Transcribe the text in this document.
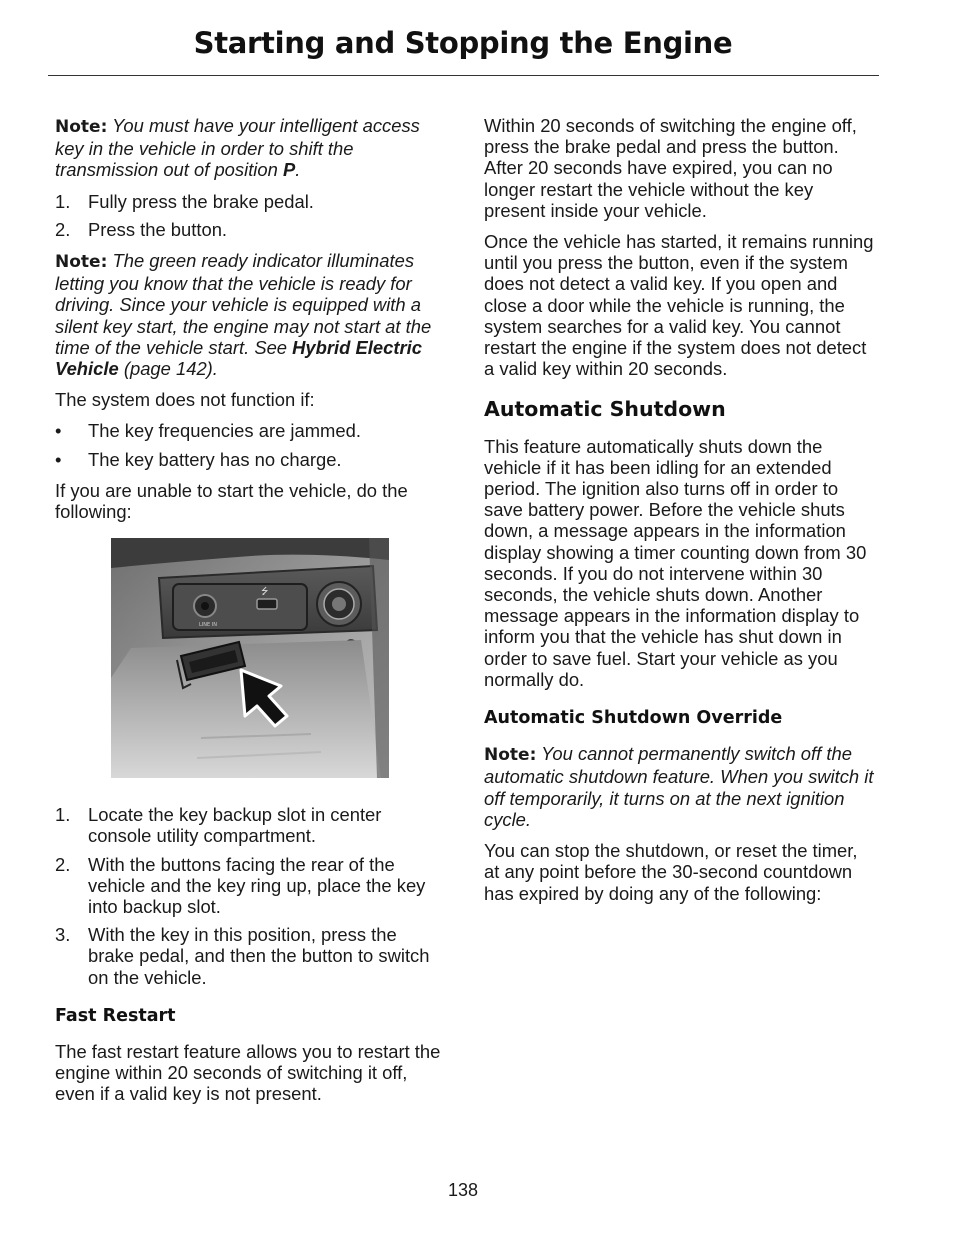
Starting and Stopping the Engine

Note: You must have your intelligent access key in the vehicle in order to shift the transmission out of position P.

1. Fully press the brake pedal.
2. Press the button.

Note: The green ready indicator illuminates letting you know that the vehicle is ready for driving. Since your vehicle is equipped with a silent key start, the engine may not start at the time of the vehicle start. See Hybrid Electric Vehicle (page 142).

The system does not function if:

• The key frequencies are jammed.
• The key battery has no charge.

If you are unable to start the vehicle, do the following:

LINE IN
⭍
1. Locate the key backup slot in center console utility compartment.
2. With the buttons facing the rear of the vehicle and the key ring up, place the key into backup slot.
3. With the key in this position, press the brake pedal, and then the button to switch on the vehicle.
Fast Restart

The fast restart feature allows you to restart the engine within 20 seconds of switching it off, even if a valid key is not present.

Within 20 seconds of switching the engine off, press the brake pedal and press the button. After 20 seconds have expired, you can no longer restart the vehicle without the key present inside your vehicle.

Once the vehicle has started, it remains running until you press the button, even if the system does not detect a valid key. If you open and close a door while the vehicle is running, the system searches for a valid key. You cannot restart the engine if the system does not detect a valid key within 20 seconds.

Automatic Shutdown

This feature automatically shuts down the vehicle if it has been idling for an extended period. The ignition also turns off in order to save battery power. Before the vehicle shuts down, a message appears in the information display showing a timer counting down from 30 seconds. If you do not intervene within 30 seconds, the vehicle shuts down. Another message appears in the information display to inform you that the vehicle has shut down in order to save fuel. Start your vehicle as you normally do.

Automatic Shutdown Override

Note: You cannot permanently switch off the automatic shutdown feature. When you switch it off temporarily, it turns on at the next ignition cycle.

You can stop the shutdown, or reset the timer, at any point before the 30-second countdown has expired by doing any of the following:

138
